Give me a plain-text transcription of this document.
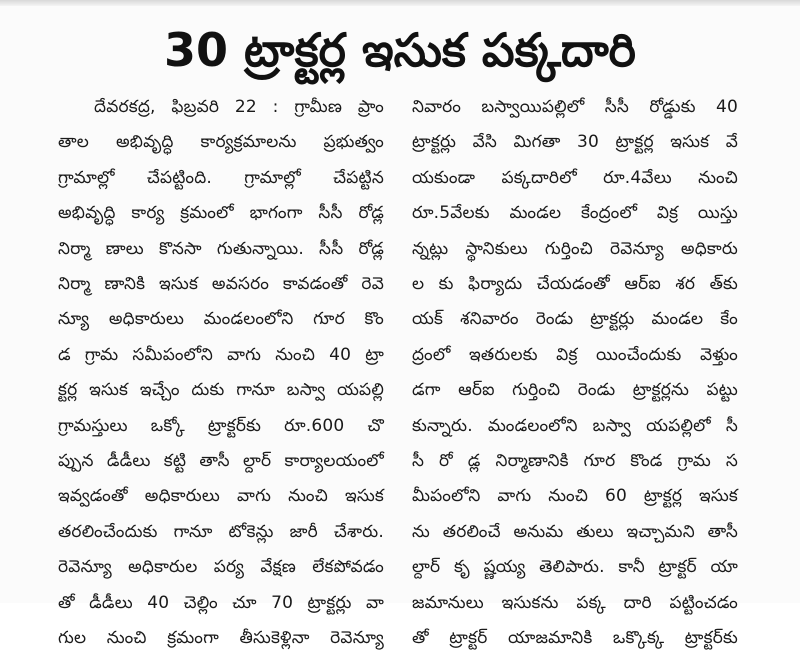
30 ట్రాక్టర్ల ఇసుక పక్కదారి
దేవరకద్ర, ఫిబ్రవరి 22 : గ్రామీణ ప్రాం
తాల అభివృద్ధి కార్యక్రమాలను ప్రభుత్వం
గ్రామాల్లో చేపట్టింది. గ్రామాల్లో చేపట్టిన
అభివృద్ధి కార్య క్రమంలో భాగంగా సీసీ రోడ్ల
నిర్మా ణాలు కొనసా గుతున్నాయి. సీసీ రోడ్ల
నిర్మా ణానికి ఇసుక అవసరం కావడంతో రెవె
న్యూ అధికారులు మండలంలోని గూర కొం
డ గ్రామ సమీపంలోని వాగు నుంచి 40 ట్రా
క్టర్ల ఇసుక ఇచ్చేం దుకు గానూ బస్వా యపల్లి
గ్రామస్తులు ఒక్కో ట్రాక్టర్‌కు రూ.600 చొ
ప్పున డీడీలు కట్టి తాసీ ల్దార్ కార్యాలయంలో
ఇవ్వడంతో అధికారులు వాగు నుంచి ఇసుక
తరలించేందుకు గానూ టోకెన్లు జారీ చేశారు.
రెవెన్యూ అధికారుల పర్య వేక్షణ లేకపోవడం
తో డీడీలు 40 చెల్లిం చూ 70 ట్రాక్టర్లు వా
గుల నుంచి క్రమంగా తీసుకెళ్లినా రెవెన్యూ
నివారం బస్వాయిపల్లిలో సీసీ రోడ్డుకు 40
ట్రాక్టర్లు వేసి మిగతా 30 ట్రాక్టర్ల ఇసుక వే
యకుండా పక్కదారిలో రూ.4వేలు నుంచి
రూ.5వేలకు మండల కేంద్రంలో విక్ర యిస్తు
న్నట్లు స్థానికులు గుర్తించి రెవెన్యూ అధికారు
ల కు ఫిర్యాదు చేయడంతో ఆర్ఐ శర త్‌కు
యక్ శనివారం రెండు ట్రాక్టర్లు మండల కేం
ద్రంలో ఇతరులకు విక్ర యించేందుకు వెళ్తుం
డగా ఆర్ఐ గుర్తించి రెండు ట్రాక్టర్లను పట్టు
కున్నారు. మండలంలోని బస్వా యపల్లిలో సీ
సీ రో డ్ల నిర్మాణానికి గూర కొండ గ్రామ స
మీపంలోని వాగు నుంచి 60 ట్రాక్టర్ల ఇసుక
ను తరలించే అనుమ తులు ఇచ్చామని తాసీ
ల్దార్ కృ ష్ణయ్య తెలిపారు. కానీ ట్రాక్టర్ యా
జమానులు ఇసుకను పక్క దారి పట్టించడం
తో ట్రాక్టర్ యాజమానికి ఒక్కొక్క ట్రాక్టర్‌కు
